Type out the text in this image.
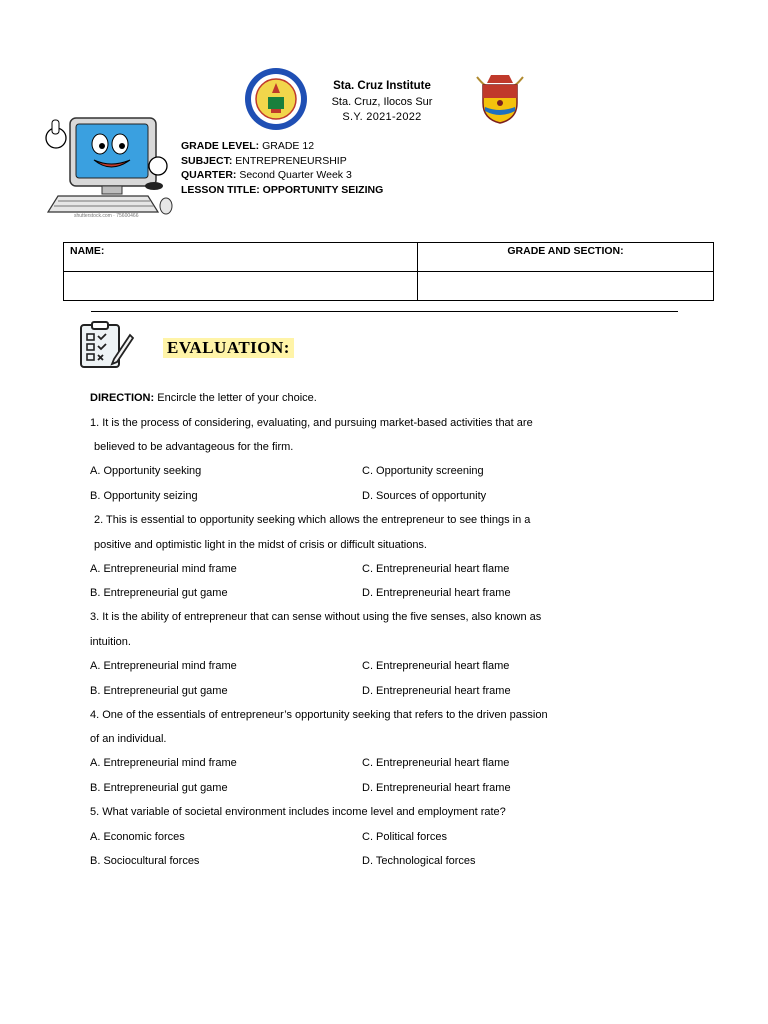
shutterstock.com · 75600466
Sta. Cruz Institute
Sta. Cruz, Ilocos Sur
S.Y. 2021-2022
GRADE LEVEL: GRADE 12
SUBJECT: ENTREPRENEURSHIP
QUARTER: Second Quarter Week 3
LESSON TITLE: OPPORTUNITY SEIZING
NAME:	GRADE AND SECTION:

EVALUATION:
DIRECTION: Encircle the letter of your choice.
1. It is the process of considering, evaluating, and pursuing market-based activities that are
believed to be advantageous for the firm.
A. Opportunity seeking	C. Opportunity screening
B. Opportunity seizing	D. Sources of opportunity
2. This is essential to opportunity seeking which allows the entrepreneur to see things in a
positive and optimistic light in the midst of crisis or difficult situations.
A. Entrepreneurial mind frame	C. Entrepreneurial heart flame
B. Entrepreneurial gut game	D. Entrepreneurial heart frame
3. It is the ability of entrepreneur that can sense without using the five senses, also known as
intuition.
A. Entrepreneurial mind frame	C. Entrepreneurial heart flame
B. Entrepreneurial gut game	D. Entrepreneurial heart frame
4. One of the essentials of entrepreneur’s opportunity seeking that refers to the driven passion
of an individual.
A. Entrepreneurial mind frame	C. Entrepreneurial heart flame
B. Entrepreneurial gut game	D. Entrepreneurial heart frame
5. What variable of societal environment includes income level and employment rate?
A. Economic forces	C. Political forces
B. Sociocultural forces	D. Technological forces
